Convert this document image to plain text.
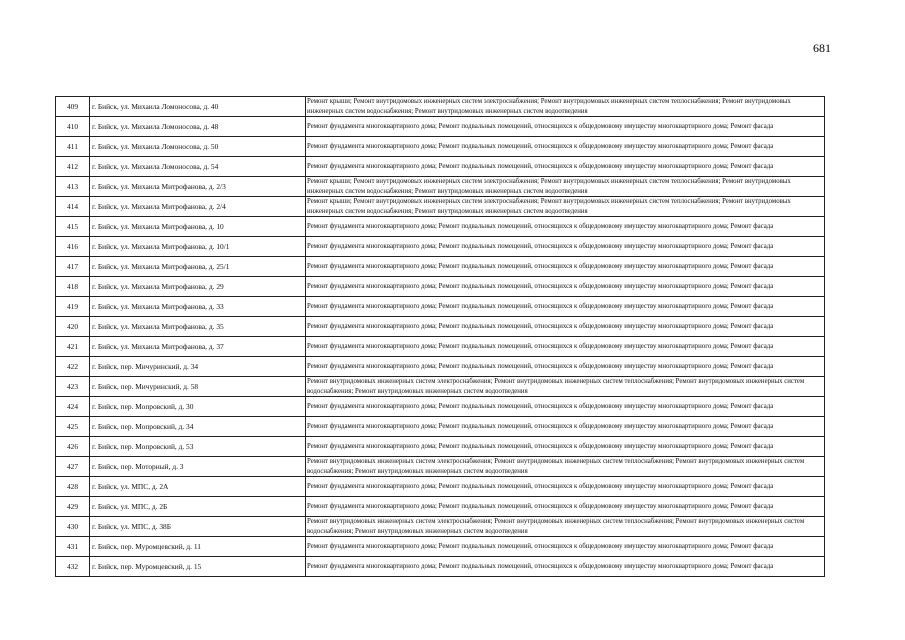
681
409	г. Бийск, ул. Михаила Ломоносова, д. 40	Ремонт крыши; Ремонт внутридомовых инженерных систем электроснабжения; Ремонт внутридомовых инженерных систем теплоснабжения; Ремонт внутридомовых инженерных систем водоснабжения; Ремонт внутридомовых инженерных систем водоотведения
410	г. Бийск, ул. Михаила Ломоносова, д. 48	Ремонт фундамента многоквартирного дома; Ремонт подвальных помещений, относящихся к общедомовому имуществу многоквартирного дома; Ремонт фасада
411	г. Бийск, ул. Михаила Ломоносова, д. 50	Ремонт фундамента многоквартирного дома; Ремонт подвальных помещений, относящихся к общедомовому имуществу многоквартирного дома; Ремонт фасада
412	г. Бийск, ул. Михаила Ломоносова, д. 54	Ремонт фундамента многоквартирного дома; Ремонт подвальных помещений, относящихся к общедомовому имуществу многоквартирного дома; Ремонт фасада
413	г. Бийск, ул. Михаила Митрофанова, д. 2/3	Ремонт крыши; Ремонт внутридомовых инженерных систем электроснабжения; Ремонт внутридомовых инженерных систем теплоснабжения; Ремонт внутридомовых инженерных систем водоснабжения; Ремонт внутридомовых инженерных систем водоотведения
414	г. Бийск, ул. Михаила Митрофанова, д. 2/4	Ремонт крыши; Ремонт внутридомовых инженерных систем электроснабжения; Ремонт внутридомовых инженерных систем теплоснабжения; Ремонт внутридомовых инженерных систем водоснабжения; Ремонт внутридомовых инженерных систем водоотведения
415	г. Бийск, ул. Михаила Митрофанова, д. 10	Ремонт фундамента многоквартирного дома; Ремонт подвальных помещений, относящихся к общедомовому имуществу многоквартирного дома; Ремонт фасада
416	г. Бийск, ул. Михаила Митрофанова, д. 10/1	Ремонт фундамента многоквартирного дома; Ремонт подвальных помещений, относящихся к общедомовому имуществу многоквартирного дома; Ремонт фасада
417	г. Бийск, ул. Михаила Митрофанова, д. 25/1	Ремонт фундамента многоквартирного дома; Ремонт подвальных помещений, относящихся к общедомовому имуществу многоквартирного дома; Ремонт фасада
418	г. Бийск, ул. Михаила Митрофанова, д. 29	Ремонт фундамента многоквартирного дома; Ремонт подвальных помещений, относящихся к общедомовому имуществу многоквартирного дома; Ремонт фасада
419	г. Бийск, ул. Михаила Митрофанова, д. 33	Ремонт фундамента многоквартирного дома; Ремонт подвальных помещений, относящихся к общедомовому имуществу многоквартирного дома; Ремонт фасада
420	г. Бийск, ул. Михаила Митрофанова, д. 35	Ремонт фундамента многоквартирного дома; Ремонт подвальных помещений, относящихся к общедомовому имуществу многоквартирного дома; Ремонт фасада
421	г. Бийск, ул. Михаила Митрофанова, д. 37	Ремонт фундамента многоквартирного дома; Ремонт подвальных помещений, относящихся к общедомовому имуществу многоквартирного дома; Ремонт фасада
422	г. Бийск, пер. Мичуринский, д. 34	Ремонт фундамента многоквартирного дома; Ремонт подвальных помещений, относящихся к общедомовому имуществу многоквартирного дома; Ремонт фасада
423	г. Бийск, пер. Мичуринский, д. 58	Ремонт внутридомовых инженерных систем электроснабжения; Ремонт внутридомовых инженерных систем теплоснабжения; Ремонт внутридомовых инженерных систем водоснабжения; Ремонт внутридомовых инженерных систем водоотведения
424	г. Бийск, пер. Мопровский, д. 30	Ремонт фундамента многоквартирного дома; Ремонт подвальных помещений, относящихся к общедомовому имуществу многоквартирного дома; Ремонт фасада
425	г. Бийск, пер. Мопровский, д. 34	Ремонт фундамента многоквартирного дома; Ремонт подвальных помещений, относящихся к общедомовому имуществу многоквартирного дома; Ремонт фасада
426	г. Бийск, пер. Мопровский, д. 53	Ремонт фундамента многоквартирного дома; Ремонт подвальных помещений, относящихся к общедомовому имуществу многоквартирного дома; Ремонт фасада
427	г. Бийск, пер. Моторный, д. 3	Ремонт внутридомовых инженерных систем электроснабжения; Ремонт внутридомовых инженерных систем теплоснабжения; Ремонт внутридомовых инженерных систем водоснабжения; Ремонт внутридомовых инженерных систем водоотведения
428	г. Бийск, ул. МПС, д. 2А	Ремонт фундамента многоквартирного дома; Ремонт подвальных помещений, относящихся к общедомовому имуществу многоквартирного дома; Ремонт фасада
429	г. Бийск, ул. МПС, д. 2Б	Ремонт фундамента многоквартирного дома; Ремонт подвальных помещений, относящихся к общедомовому имуществу многоквартирного дома; Ремонт фасада
430	г. Бийск, ул. МПС, д. 38Б	Ремонт внутридомовых инженерных систем электроснабжения; Ремонт внутридомовых инженерных систем теплоснабжения; Ремонт внутридомовых инженерных систем водоснабжения; Ремонт внутридомовых инженерных систем водоотведения
431	г. Бийск, пер. Муромцевский, д. 11	Ремонт фундамента многоквартирного дома; Ремонт подвальных помещений, относящихся к общедомовому имуществу многоквартирного дома; Ремонт фасада
432	г. Бийск, пер. Муромцевский, д. 15	Ремонт фундамента многоквартирного дома; Ремонт подвальных помещений, относящихся к общедомовому имуществу многоквартирного дома; Ремонт фасада
